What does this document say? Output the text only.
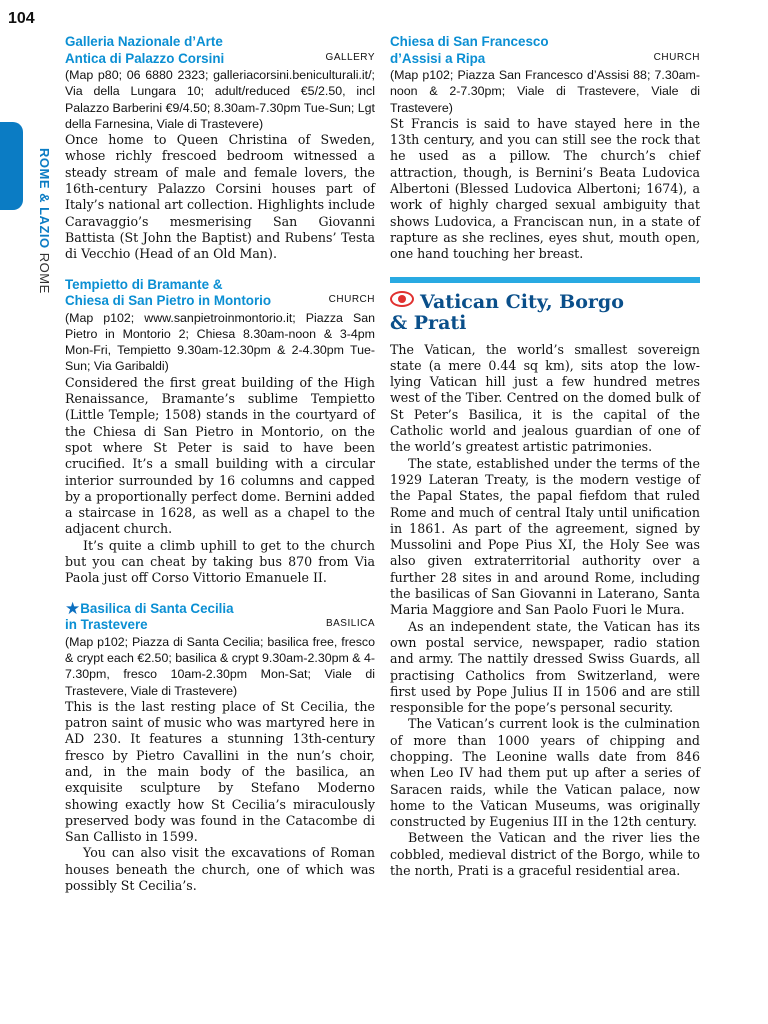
104
ROME & LAZIO ROME
Galleria Nazionale d’Arte
Antica di Palazzo Corsini	GALLERY
(Map p80; 06 6880 2323; galleriacorsini.beniculturali.it/; Via della Lungara 10; adult/reduced €5/2.50, incl Palazzo Barberini €9/4.50; 8.30am-7.30pm Tue-Sun; Lgt della Farnesina, Viale di Trastevere)

Once home to Queen Christina of Sweden, whose richly frescoed bedroom witnessed a steady stream of male and female lovers, the 16th-century Palazzo Corsini houses part of Italy’s national art collection. Highlights include Caravaggio’s mesmerising San Giovanni Battista (St John the Baptist) and Rubens’ Testa di Vecchio (Head of an Old Man).

Tempietto di Bramante &
Chiesa di San Pietro in Montorio	CHURCH
(Map p102; www.sanpietroinmontorio.it; Piazza San Pietro in Montorio 2; Chiesa 8.30am-noon & 3-4pm Mon-Fri, Tempietto 9.30am-12.30pm & 2-4.30pm Tue-Sun; Via Garibaldi)

Considered the first great building of the High Renaissance, Bramante’s sublime Tempietto (Little Temple; 1508) stands in the courtyard of the Chiesa di San Pietro in Montorio, on the spot where St Peter is said to have been crucified. It’s a small building with a circular interior surrounded by 16 columns and capped by a proportionally perfect dome. Bernini added a staircase in 1628, as well as a chapel to the adjacent church.

It’s quite a climb uphill to get to the church but you can cheat by taking bus 870 from Via Paola just off Corso Vittorio Emanuele II.

★Basilica di Santa Cecilia
in Trastevere	BASILICA
(Map p102; Piazza di Santa Cecilia; basilica free, fresco & crypt each €2.50; basilica & crypt 9.30am-2.30pm & 4-7.30pm, fresco 10am-2.30pm Mon-Sat; Viale di Trastevere, Viale di Trastevere)

This is the last resting place of St Cecilia, the patron saint of music who was martyred here in AD 230. It features a stunning 13th-century fresco by Pietro Cavallini in the nun’s choir, and, in the main body of the basilica, an exquisite sculpture by Stefano Moderno showing exactly how St Cecilia’s miraculously preserved body was found in the Catacombe di San Callisto in 1599.

You can also visit the excavations of Roman houses beneath the church, one of which was possibly St Cecilia’s.

Chiesa di San Francesco
d’Assisi a Ripa	CHURCH
(Map p102; Piazza San Francesco d’Assisi 88; 7.30am-noon & 2-7.30pm; Viale di Trastevere, Viale di Trastevere)

St Francis is said to have stayed here in the 13th century, and you can still see the rock that he used as a pillow. The church’s chief attraction, though, is Bernini’s Beata Ludovica Albertoni (Blessed Ludovica Albertoni; 1674), a work of highly charged sexual ambiguity that shows Ludovica, a Franciscan nun, in a state of rapture as she reclines, eyes shut, mouth open, one hand touching her breast.

Vatican City, Borgo
& Prati

The Vatican, the world’s smallest sovereign state (a mere 0.44 sq km), sits atop the low-lying Vatican hill just a few hundred metres west of the Tiber. Centred on the domed bulk of St Peter’s Basilica, it is the capital of the Catholic world and jealous guardian of one of the world’s greatest artistic patrimonies.

The state, established under the terms of the 1929 Lateran Treaty, is the modern vestige of the Papal States, the papal fiefdom that ruled Rome and much of central Italy until unification in 1861. As part of the agreement, signed by Mussolini and Pope Pius XI, the Holy See was also given extraterritorial authority over a further 28 sites in and around Rome, including the basilicas of San Giovanni in Laterano, Santa Maria Maggiore and San Paolo Fuori le Mura.

As an independent state, the Vatican has its own postal service, newspaper, radio station and army. The nattily dressed Swiss Guards, all practising Catholics from Switzerland, were first used by Pope Julius II in 1506 and are still responsible for the pope’s personal security.

The Vatican’s current look is the culmination of more than 1000 years of chipping and chopping. The Leonine walls date from 846 when Leo IV had them put up after a series of Saracen raids, while the Vatican palace, now home to the Vatican Museums, was originally constructed by Eugenius III in the 12th century.

Between the Vatican and the river lies the cobbled, medieval district of the Borgo, while to the north, Prati is a graceful residential area.
